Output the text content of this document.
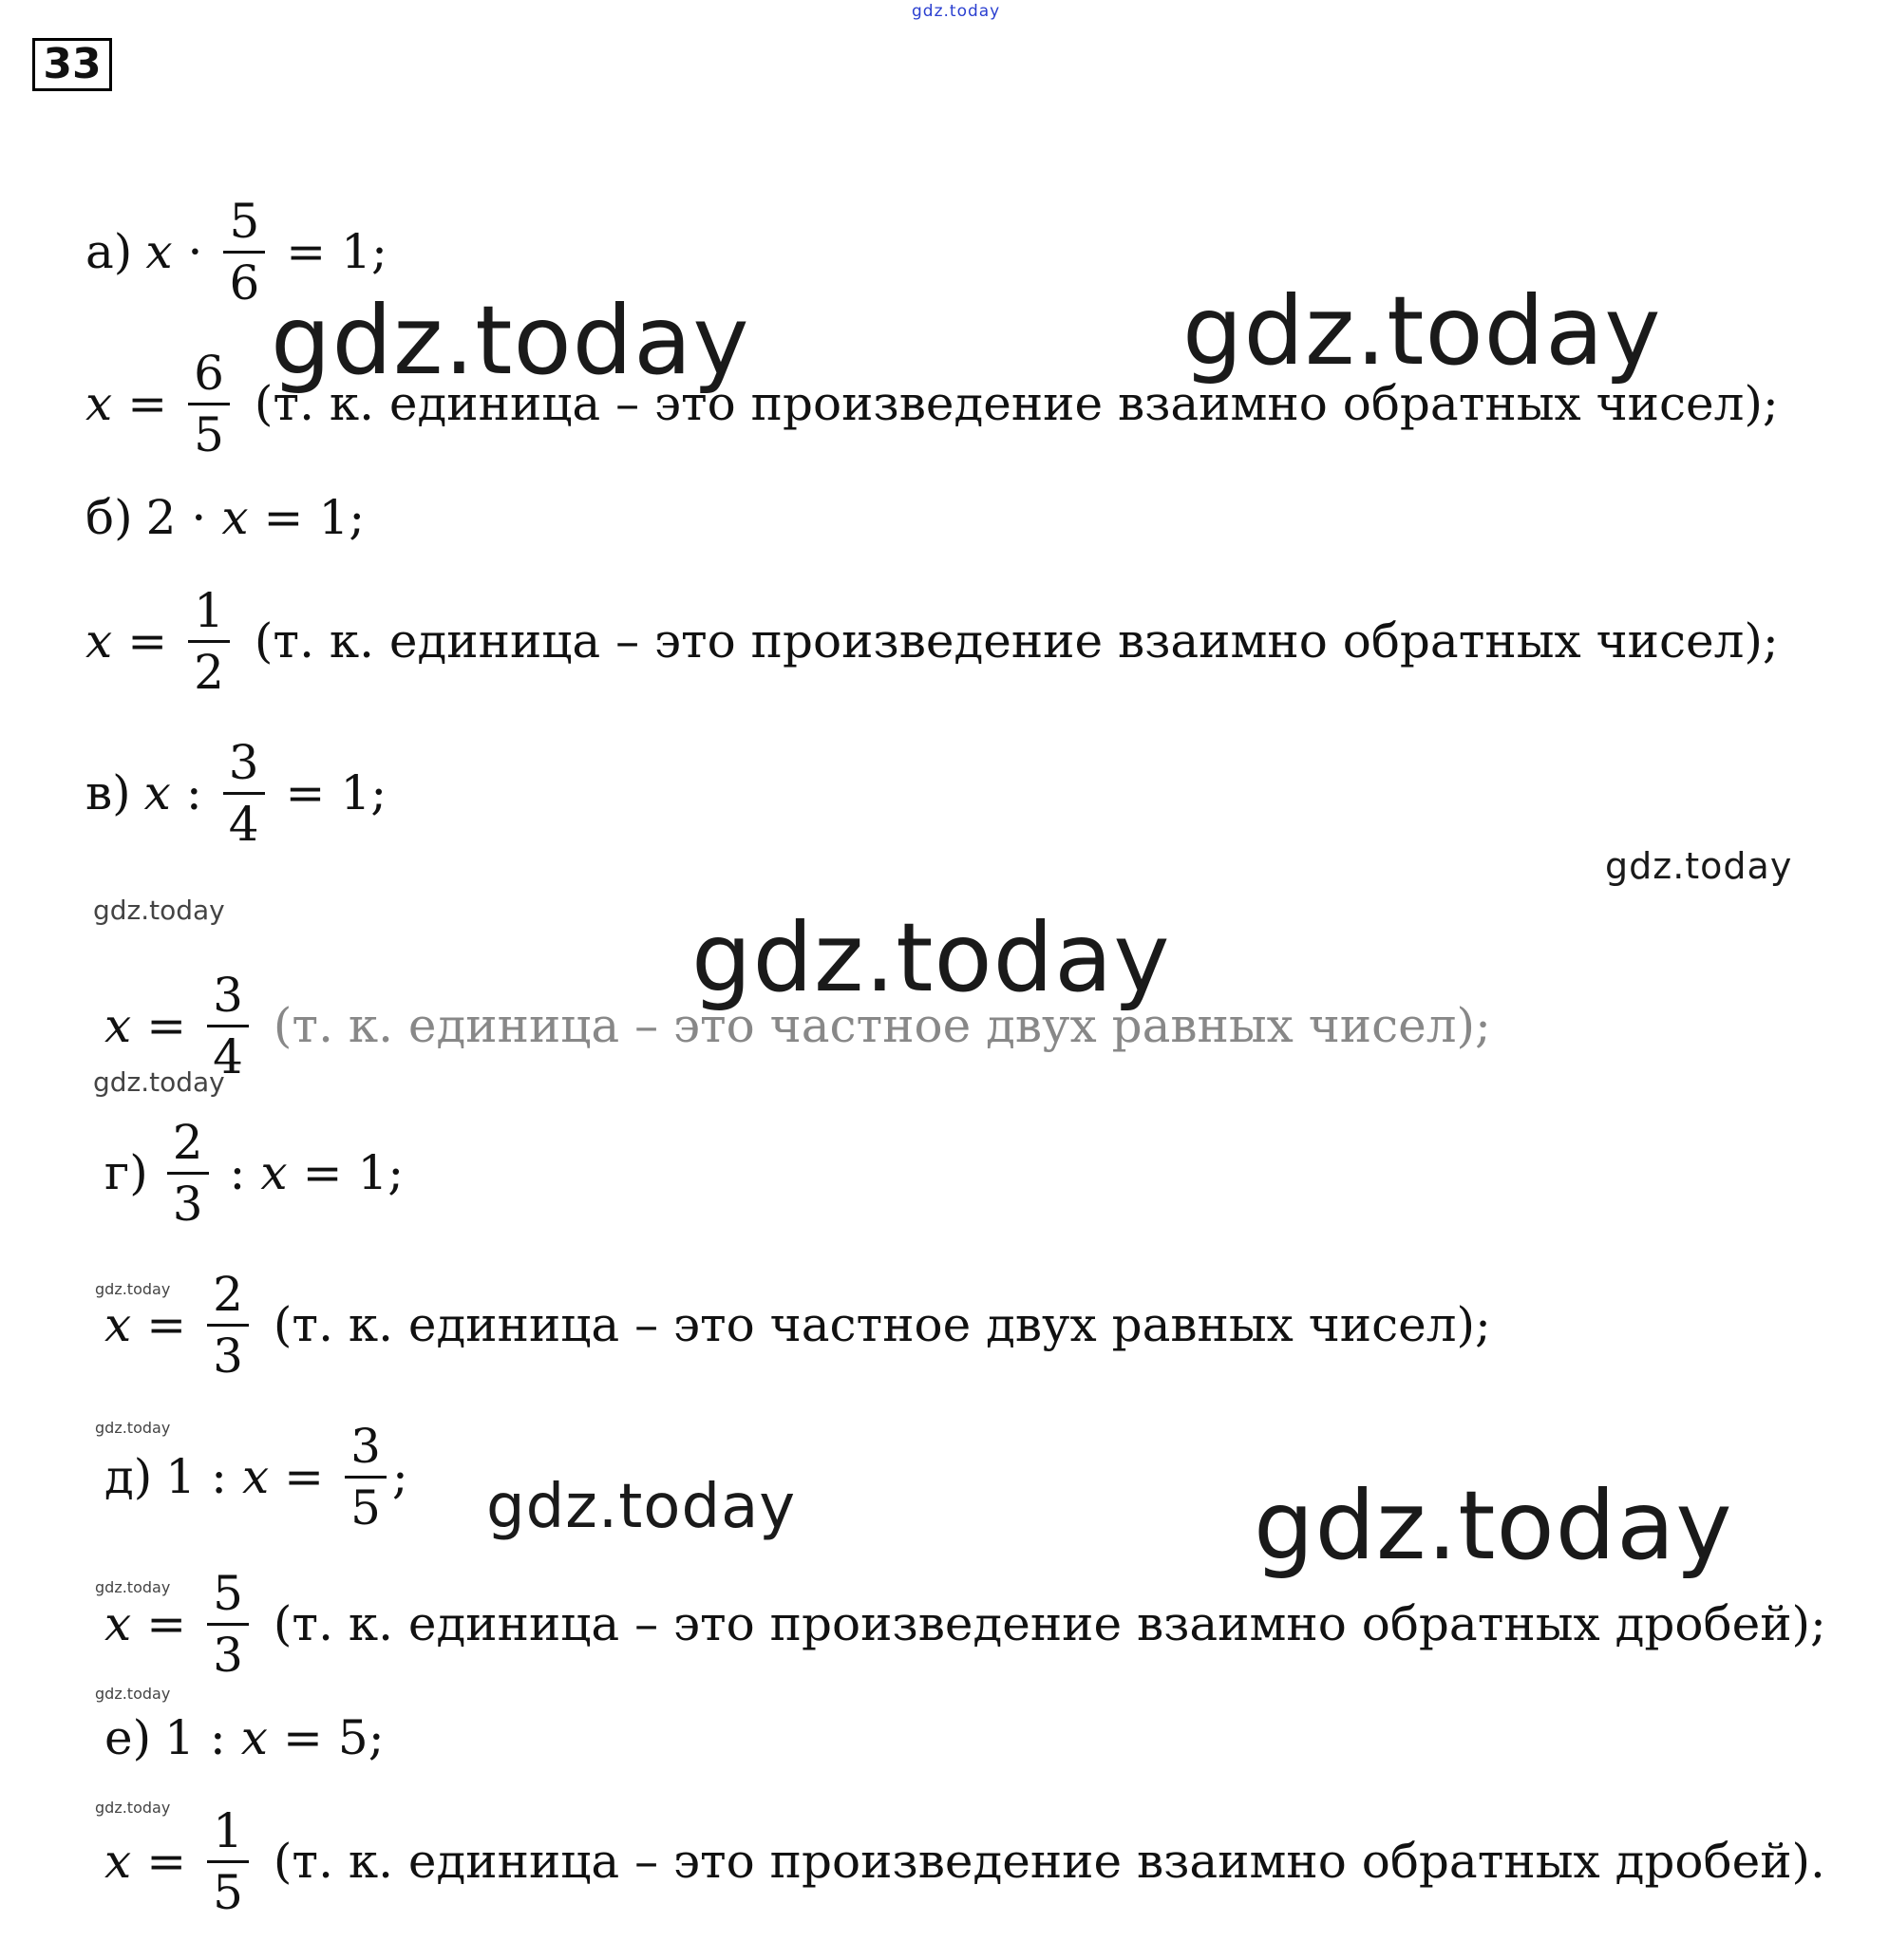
gdz.today
gdz.today	gdz.today
gdz.today
gdz.today
gdz.today
gdz.today
gdz.today
gdz.today
gdz.today
gdz.today
gdz.today
gdz.today
gdz.today
33
а) $x \cdot \frac{5}{6} = 1$;
$x = \frac{6}{5} (т$. к. единица – это произведение взаимно обратных чисел);
б) 2 · x = 1;
$x = \frac{1}{2} (т$. к. единица – это произведение взаимно обратных чисел);
в) x : $\frac{3}{4} = 1$;
$x = \frac{3}{4} (т$. к. единица – это частное двух равных чисел);
$г) \frac{2}{3}$ : x = 1;
$x = \frac{2}{3} (т$. к. единица – это частное двух равных чисел);
д) 1 : $x = \frac{3}{5}$ ;
$x = \frac{5}{3} (т$. к. единица – это произведение взаимно обратных дробей);
е) 1 : x = 5;
$x = \frac{1}{5} (т$. к. единица – это произведение взаимно обратных дробей).
